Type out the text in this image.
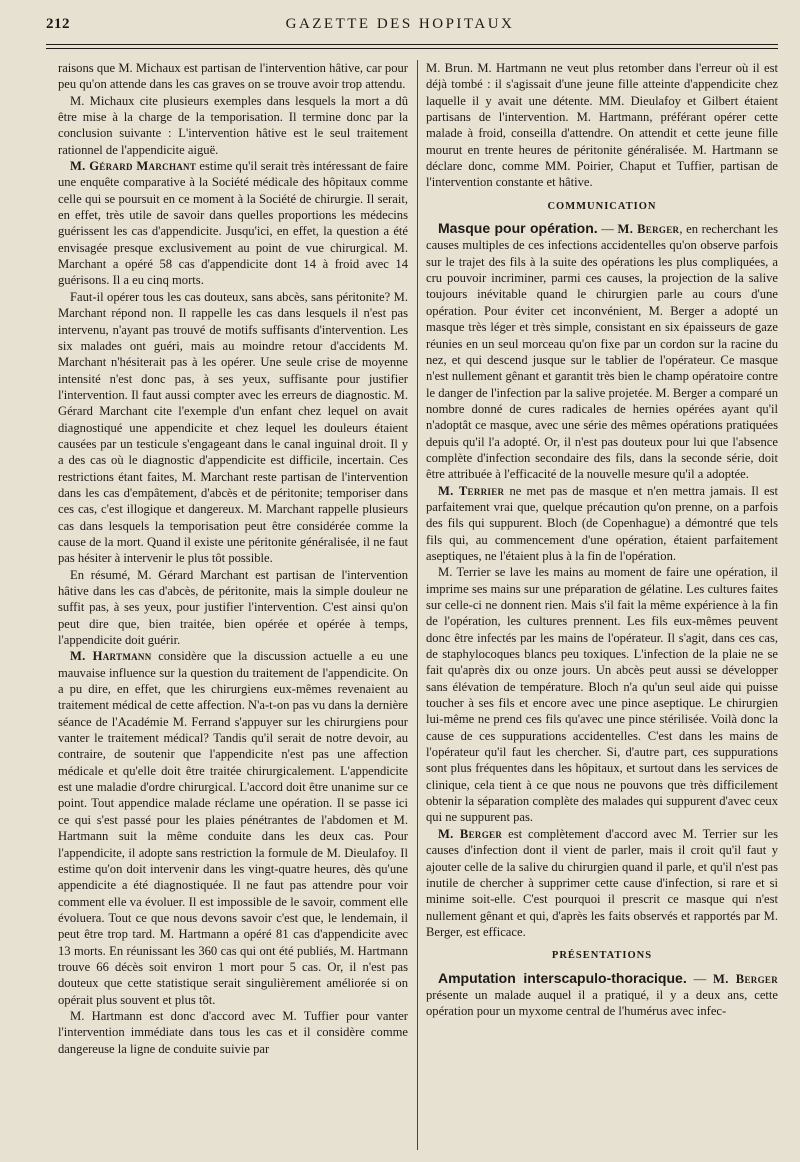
212	GAZETTE DES HOPITAUX

raisons que M. Michaux est partisan de l'intervention hâtive, car pour peu qu'on attende dans les cas graves on se trouve avoir trop attendu.

M. Michaux cite plusieurs exemples dans lesquels la mort a dû être mise à la charge de la temporisation. Il termine donc par la conclusion suivante : L'intervention hâtive est le seul traitement rationnel de l'appendicite aiguë.

M. Gérard Marchant estime qu'il serait très intéressant de faire une enquête comparative à la Société médicale des hôpitaux comme celle qui se poursuit en ce moment à la Société de chirurgie. Il serait, en effet, très utile de savoir dans quelles proportions les médecins guérissent les cas d'appendicite. Jusqu'ici, en effet, la question a été envisagée presque exclusivement au point de vue chirurgical. M. Marchant a opéré 58 cas d'appendicite dont 14 à froid avec 14 guérisons. Il a eu cinq morts.

Faut-il opérer tous les cas douteux, sans abcès, sans péritonite? M. Marchant répond non. Il rappelle les cas dans lesquels il n'est pas intervenu, n'ayant pas trouvé de motifs suffisants d'intervention. Les six malades ont guéri, mais au moindre retour d'accidents M. Marchant n'hésiterait pas à les opérer. Une seule crise de moyenne intensité n'est donc pas, à ses yeux, suffisante pour justifier l'intervention. Il faut aussi compter avec les erreurs de diagnostic. M. Gérard Marchant cite l'exemple d'un enfant chez lequel on avait diagnostiqué une appendicite et chez lequel les douleurs étaient causées par un testicule s'engageant dans le canal inguinal droit. Il y a des cas où le diagnostic d'appendicite est difficile, incertain. Ces restrictions étant faites, M. Marchant reste partisan de l'intervention dans les cas d'empâtement, d'abcès et de péritonite; temporiser dans ces cas, c'est illogique et dangereux. M. Marchant rappelle plusieurs cas dans lesquels la temporisation peut être considérée comme la cause de la mort. Quand il existe une péritonite généralisée, il ne faut pas hésiter à intervenir le plus tôt possible.

En résumé, M. Gérard Marchant est partisan de l'intervention hâtive dans les cas d'abcès, de péritonite, mais la simple douleur ne suffit pas, à ses yeux, pour justifier l'intervention. C'est ainsi qu'on peut dire que, bien traitée, bien opérée et opérée à temps, l'appendicite doit guérir.

M. Hartmann considère que la discussion actuelle a eu une mauvaise influence sur la question du traitement de l'appendicite. On a pu dire, en effet, que les chirurgiens eux-mêmes revenaient au traitement médical de cette affection. N'a-t-on pas vu dans la dernière séance de l'Académie M. Ferrand s'appuyer sur les chirurgiens pour vanter le traitement médical? Tandis qu'il serait de notre devoir, au contraire, de soutenir que l'appendicite n'est pas une affection médicale et qu'elle doit être traitée chirurgicalement. L'appendicite est une maladie d'ordre chirurgical. L'accord doit être unanime sur ce point. Tout appendice malade réclame une opération. Il se passe ici ce qui s'est passé pour les plaies pénétrantes de l'abdomen et M. Hartmann suit la même conduite dans les deux cas. Pour l'appendicite, il adopte sans restriction la formule de M. Dieulafoy. Il estime qu'on doit intervenir dans les vingt-quatre heures, dès qu'une appendicite a été diagnostiquée. Il ne faut pas attendre pour voir comment elle va évoluer. Il est impossible de le savoir, comment elle évoluera. Tout ce que nous devons savoir c'est que, le lendemain, il peut être trop tard. M. Hartmann a opéré 81 cas d'appendicite avec 13 morts. En réunissant les 360 cas qui ont été publiés, M. Hartmann trouve 66 décès soit environ 1 mort pour 5 cas. Or, il n'est pas douteux que cette statistique serait singulièrement améliorée si on opérait plus souvent et plus tôt.

M. Hartmann est donc d'accord avec M. Tuffier pour vanter l'intervention immédiate dans tous les cas et il considère comme dangereuse la ligne de conduite suivie par

M. Brun. M. Hartmann ne veut plus retomber dans l'erreur où il est déjà tombé : il s'agissait d'une jeune fille atteinte d'appendicite chez laquelle il y avait une détente. MM. Dieulafoy et Gilbert étaient partisans de l'intervention. M. Hartmann, préférant opérer cette malade à froid, conseilla d'attendre. On attendit et cette jeune fille mourut en trente heures de péritonite généralisée. M. Hartmann se déclare donc, comme MM. Poirier, Chaput et Tuffier, partisan de l'intervention constante et hâtive.

COMMUNICATION

Masque pour opération. — M. Berger, en recherchant les causes multiples de ces infections accidentelles qu'on observe parfois sur le trajet des fils à la suite des opérations les plus compliquées, a cru pouvoir incriminer, parmi ces causes, la projection de la salive toujours inévitable quand le chirurgien parle au cours d'une opération. Pour éviter cet inconvénient, M. Berger a adopté un masque très léger et très simple, consistant en six épaisseurs de gaze réunies en un seul morceau qu'on fixe par un cordon sur la racine du nez, et qui descend jusque sur le tablier de l'opérateur. Ce masque n'est nullement gênant et garantit très bien le champ opératoire contre le danger de l'infection par la salive projetée. M. Berger a comparé un nombre donné de cures radicales de hernies opérées ayant qu'il n'adoptât ce masque, avec une série des mêmes opérations pratiquées depuis qu'il l'a adopté. Or, il n'est pas douteux pour lui que l'absence complète d'infection secondaire des fils, dans la seconde série, doit être attribuée à l'efficacité de la nouvelle mesure qu'il a adoptée.

M. Terrier ne met pas de masque et n'en mettra jamais. Il est parfaitement vrai que, quelque précaution qu'on prenne, on a parfois des fils qui suppurent. Bloch (de Copenhague) a démontré que tels fils qui, au commencement d'une opération, étaient parfaitement aseptiques, ne l'étaient plus à la fin de l'opération.

M. Terrier se lave les mains au moment de faire une opération, il imprime ses mains sur une préparation de gélatine. Les cultures faites sur celle-ci ne donnent rien. Mais s'il fait la même expérience à la fin de l'opération, les cultures prennent. Les fils eux-mêmes peuvent donc être infectés par les mains de l'opérateur. Il s'agit, dans ces cas, de staphylocoques blancs peu toxiques. L'infection de la plaie ne se fait qu'après dix ou onze jours. Un abcès peut aussi se développer sans élévation de température. Bloch n'a qu'un seul aide qui puisse toucher à ses fils et encore avec une pince aseptique. Le chirurgien lui-même ne prend ces fils qu'avec une pince stérilisée. Voilà donc la cause de ces suppurations accidentelles. C'est dans les mains de l'opérateur qu'il faut les chercher. Si, d'autre part, ces suppurations sont plus fréquentes dans les hôpitaux, et surtout dans les services de clinique, cela tient à ce que nous ne pouvons que très difficilement obtenir la séparation complète des malades qui suppurent d'avec ceux qui ne suppurent pas.

M. Berger est complètement d'accord avec M. Terrier sur les causes d'infection dont il vient de parler, mais il croit qu'il faut y ajouter celle de la salive du chirurgien quand il parle, et qu'il n'est pas inutile de chercher à supprimer cette cause d'infection, si rare et si minime soit-elle. C'est pourquoi il prescrit ce masque qui n'est nullement gênant et qui, d'après les faits observés et rapportés par M. Berger, est efficace.

PRÉSENTATIONS

Amputation interscapulo-thoracique. — M. Berger présente un malade auquel il a pratiqué, il y a deux ans, cette opération pour un myxome central de l'humérus avec infec-
